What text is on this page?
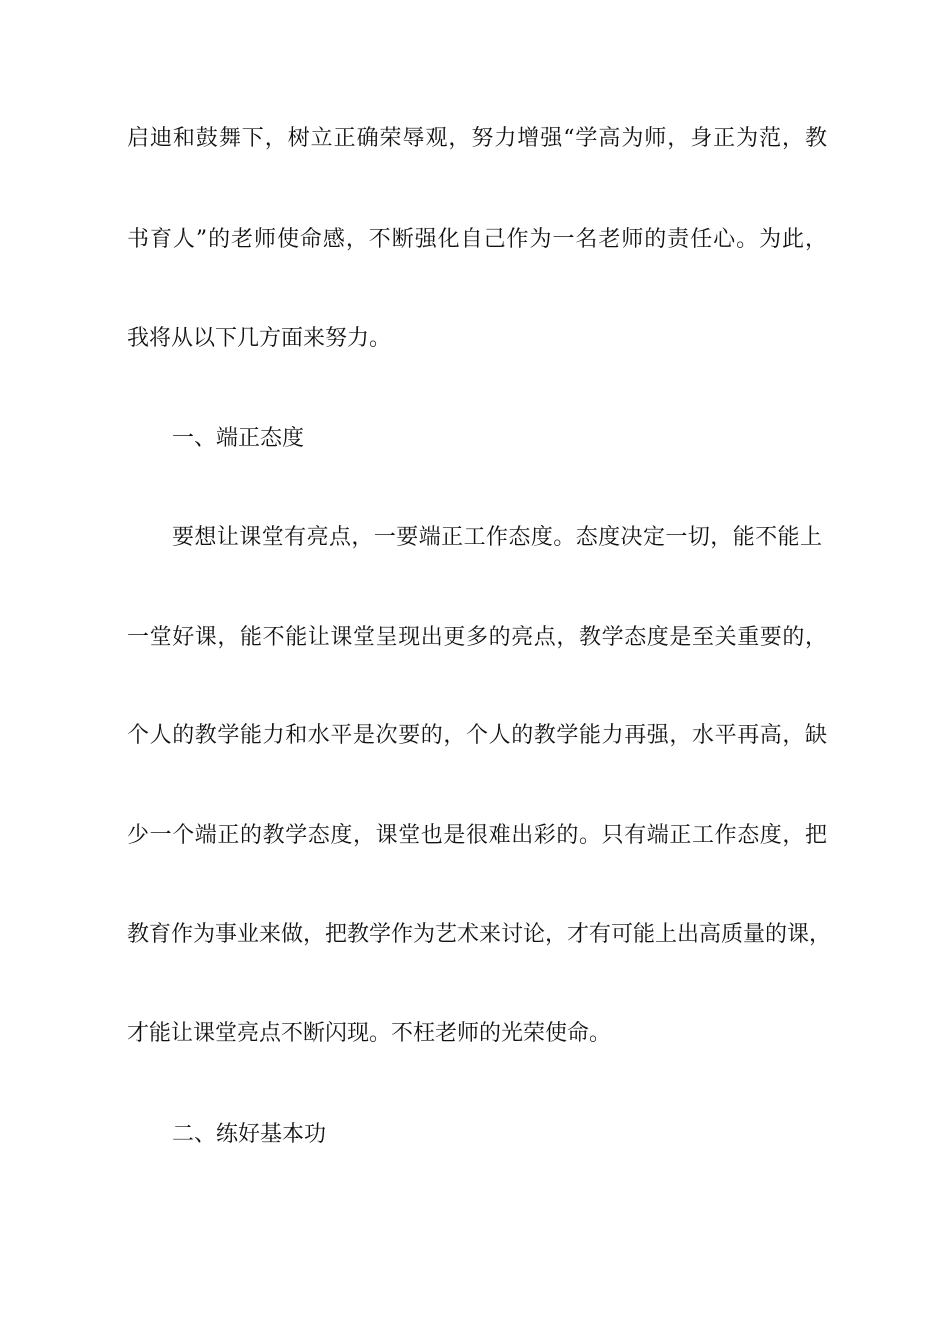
启迪和鼓舞下，树立正确荣辱观，努力增强“学高为师，身正为范，教
书育人”的老师使命感，不断强化自己作为一名老师的责任心。为此，
我将从以下几方面来努力。
一、端正态度
要想让课堂有亮点，一要端正工作态度。态度决定一切，能不能上
一堂好课，能不能让课堂呈现出更多的亮点，教学态度是至关重要的，
个人的教学能力和水平是次要的，个人的教学能力再强，水平再高，缺
少一个端正的教学态度，课堂也是很难出彩的。只有端正工作态度，把
教育作为事业来做，把教学作为艺术来讨论，才有可能上出高质量的课，
才能让课堂亮点不断闪现。不枉老师的光荣使命。
二、练好基本功
